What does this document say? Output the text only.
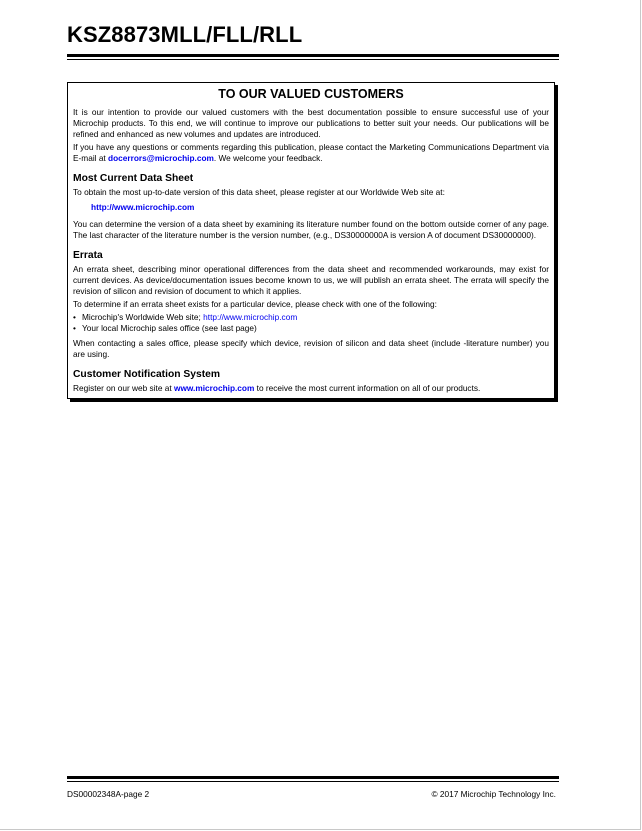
KSZ8873MLL/FLL/RLL
TO OUR VALUED CUSTOMERS

It is our intention to provide our valued customers with the best documentation possible to ensure successful use of your Microchip products. To this end, we will continue to improve our publications to better suit your needs. Our publications will be refined and enhanced as new volumes and updates are introduced.

If you have any questions or comments regarding this publication, please contact the Marketing Communications Department via E-mail at docerrors@microchip.com. We welcome your feedback.

Most Current Data Sheet

To obtain the most up-to-date version of this data sheet, please register at our Worldwide Web site at:

http://www.microchip.com

You can determine the version of a data sheet by examining its literature number found on the bottom outside corner of any page. The last character of the literature number is the version number, (e.g., DS30000000A is version A of document DS30000000).

Errata

An errata sheet, describing minor operational differences from the data sheet and recommended workarounds, may exist for current devices. As device/documentation issues become known to us, we will publish an errata sheet. The errata will specify the revision of silicon and revision of document to which it applies.

To determine if an errata sheet exists for a particular device, please check with one of the following:

• Microchip's Worldwide Web site; http://www.microchip.com
• Your local Microchip sales office (see last page)

When contacting a sales office, please specify which device, revision of silicon and data sheet (include -literature number) you are using.

Customer Notification System

Register on our web site at www.microchip.com to receive the most current information on all of our products.

DS00002348A-page 2	© 2017 Microchip Technology Inc.
